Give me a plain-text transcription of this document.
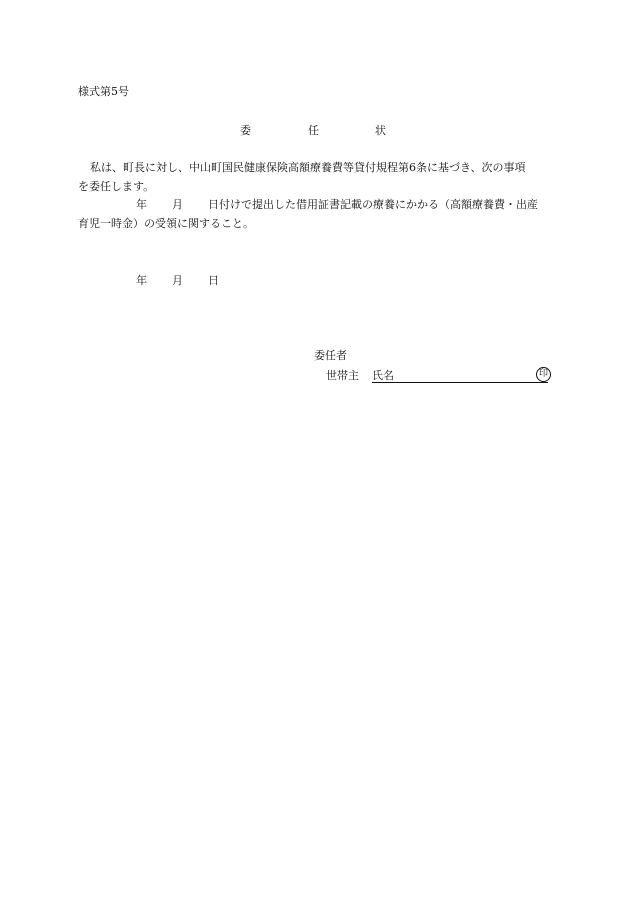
様式第5号
委	任	状
私は、町長に対し、中山町国民健康保険高額療養費等貸付規程第6条に基づき、次の事項
を委任します。
年 月 日付けで提出した借用証書記載の療養にかかる（高額療養費・出産
育児一時金）の受領に関すること。
年 月 日
委任者
世帯主 氏名	印
